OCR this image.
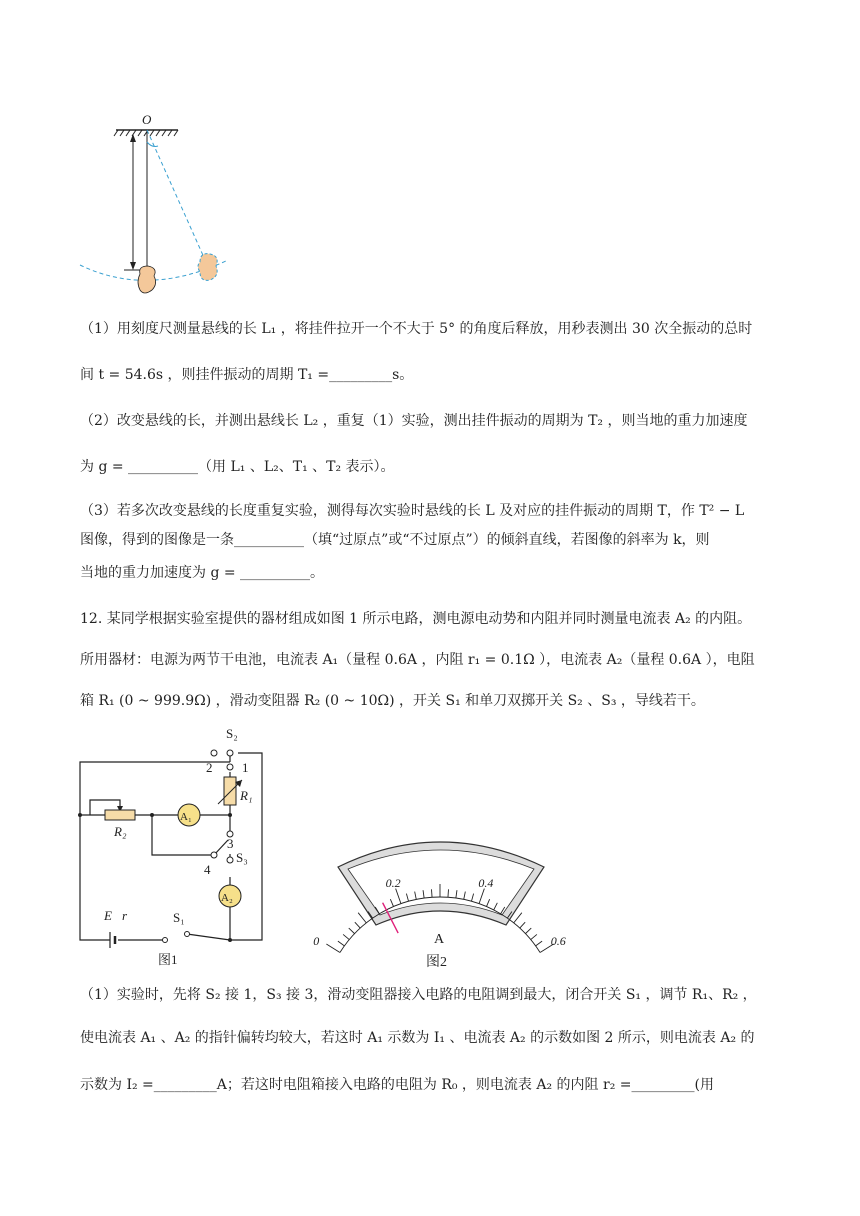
O
（1）用刻度尺测量悬线的长 L₁ ，将挂件拉开一个不大于 5° 的角度后释放，用秒表测出 30 次全振动的总时
间 t = 54.6s ，则挂件振动的周期 T₁ =_________s。
（2）改变悬线的长，并测出悬线长 L₂ ，重复（1）实验，测出挂件振动的周期为 T₂ ，则当地的重力加速度
为 g = __________（用 L₁ 、L₂、T₁ 、T₂ 表示）。
（3）若多次改变悬线的长度重复实验，测得每次实验时悬线的长 L 及对应的挂件振动的周期 T，作 T² − L
图像，得到的图像是一条__________（填“过原点”或“不过原点”）的倾斜直线，若图像的斜率为 k，则
当地的重力加速度为 g = __________。
12. 某同学根据实验室提供的器材组成如图 1 所示电路，测电源电动势和内阻并同时测量电流表 A₂ 的内阻。
所用器材：电源为两节干电池，电流表 A₁（量程 0.6A ，内阻 r₁ = 0.1Ω ），电流表 A₂（量程 0.6A ），电阻
箱 R₁ (0 ~ 999.9Ω) ，滑动变阻器 R₂ (0 ~ 10Ω) ，开关 S₁ 和单刀双掷开关 S₂ 、S₃ ，导线若干。
S₂
2 1
R₁
A₁
R₂
3
S₃
4
A₂
E r	S₁
图1
0
0.2	0.4
0.6
A
图2
（1）实验时，先将 S₂ 接 1，S₃ 接 3，滑动变阻器接入电路的电阻调到最大，闭合开关 S₁ ，调节 R₁、R₂ ，
使电流表 A₁ 、A₂ 的指针偏转均较大，若这时 A₁ 示数为 I₁ 、电流表 A₂ 的示数如图 2 所示，则电流表 A₂ 的
示数为 I₂ =_________A；若这时电阻箱接入电路的电阻为 R₀ ，则电流表 A₂ 的内阻 r₂ =_________(用
